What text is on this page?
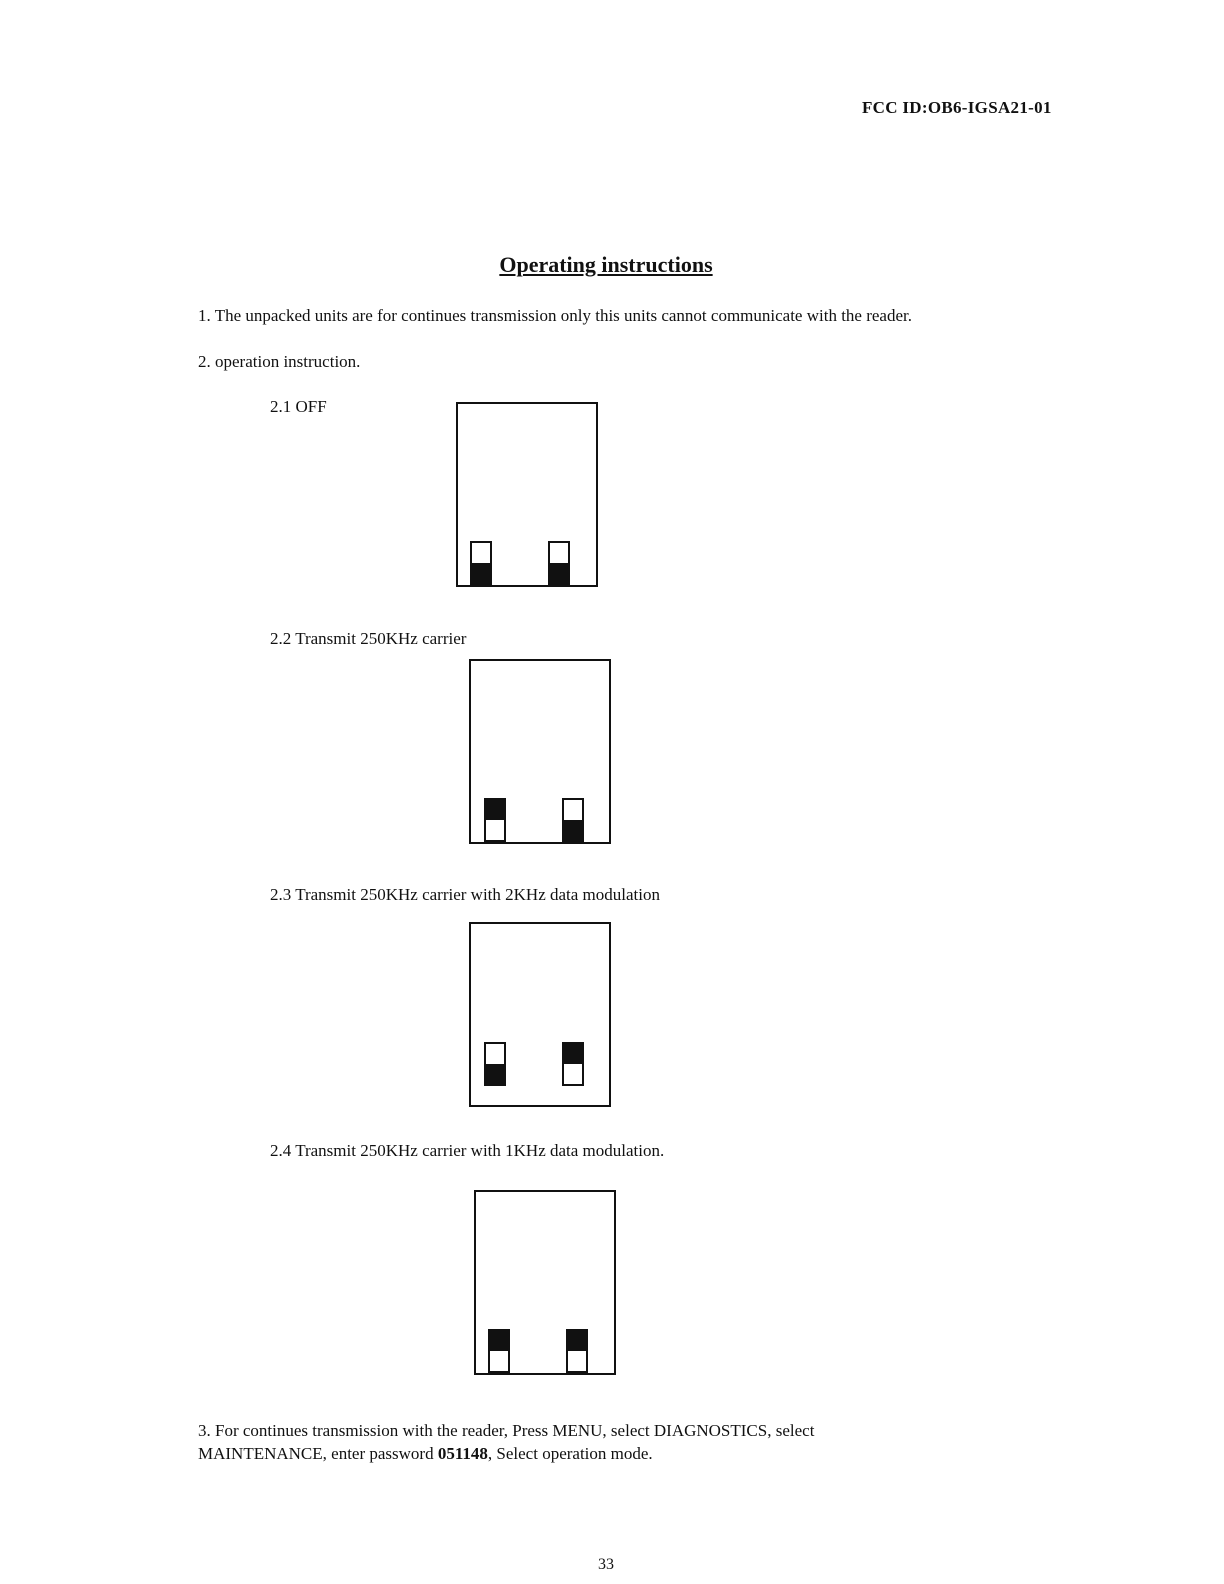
FCC ID:OB6-IGSA21-01
Operating instructions
1. The unpacked units are for continues transmission only this units cannot communicate with the reader.
2. operation instruction.
2.1 OFF
2.2 Transmit 250KHz carrier
2.3 Transmit 250KHz carrier with 2KHz data modulation
2.4 Transmit 250KHz carrier with 1KHz data modulation.
3. For continues transmission with the reader, Press MENU, select DIAGNOSTICS, select
MAINTENANCE, enter password 051148, Select operation mode.
33
